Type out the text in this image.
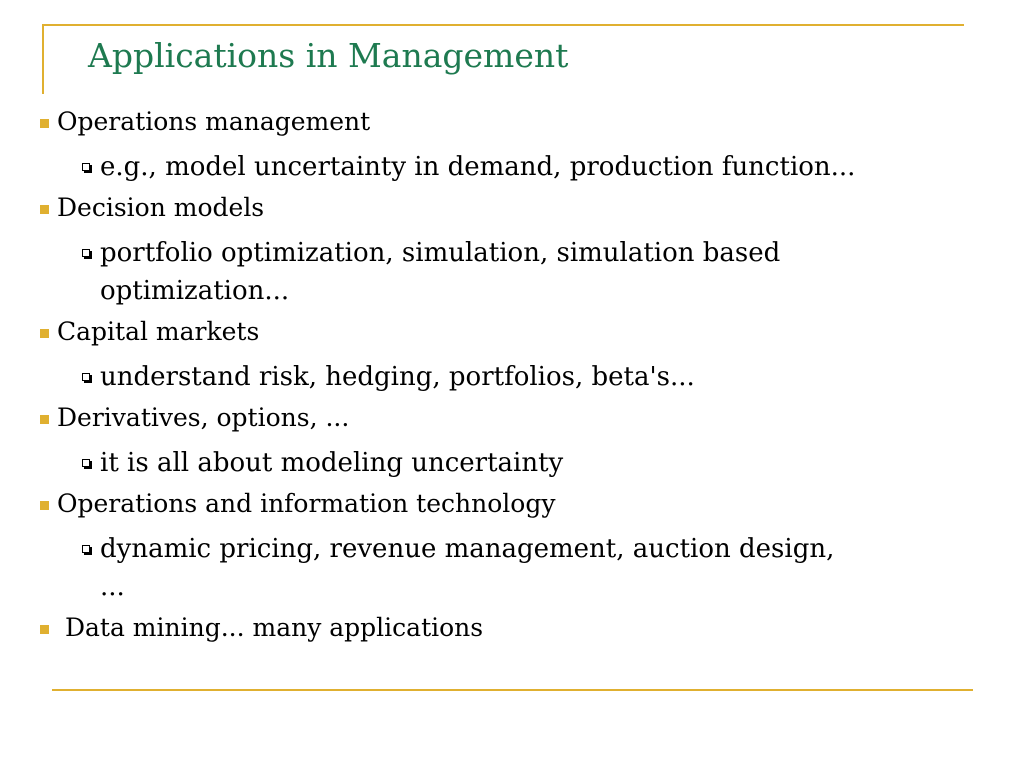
Applications in Management
Operations management
e.g., model uncertainty in demand, production function...
Decision models
portfolio optimization, simulation, simulation based optimization...
Capital markets
understand risk, hedging, portfolios, beta's...
Derivatives, options, ...
it is all about modeling uncertainty
Operations and information technology
dynamic pricing, revenue management, auction design, ...
Data mining... many applications
